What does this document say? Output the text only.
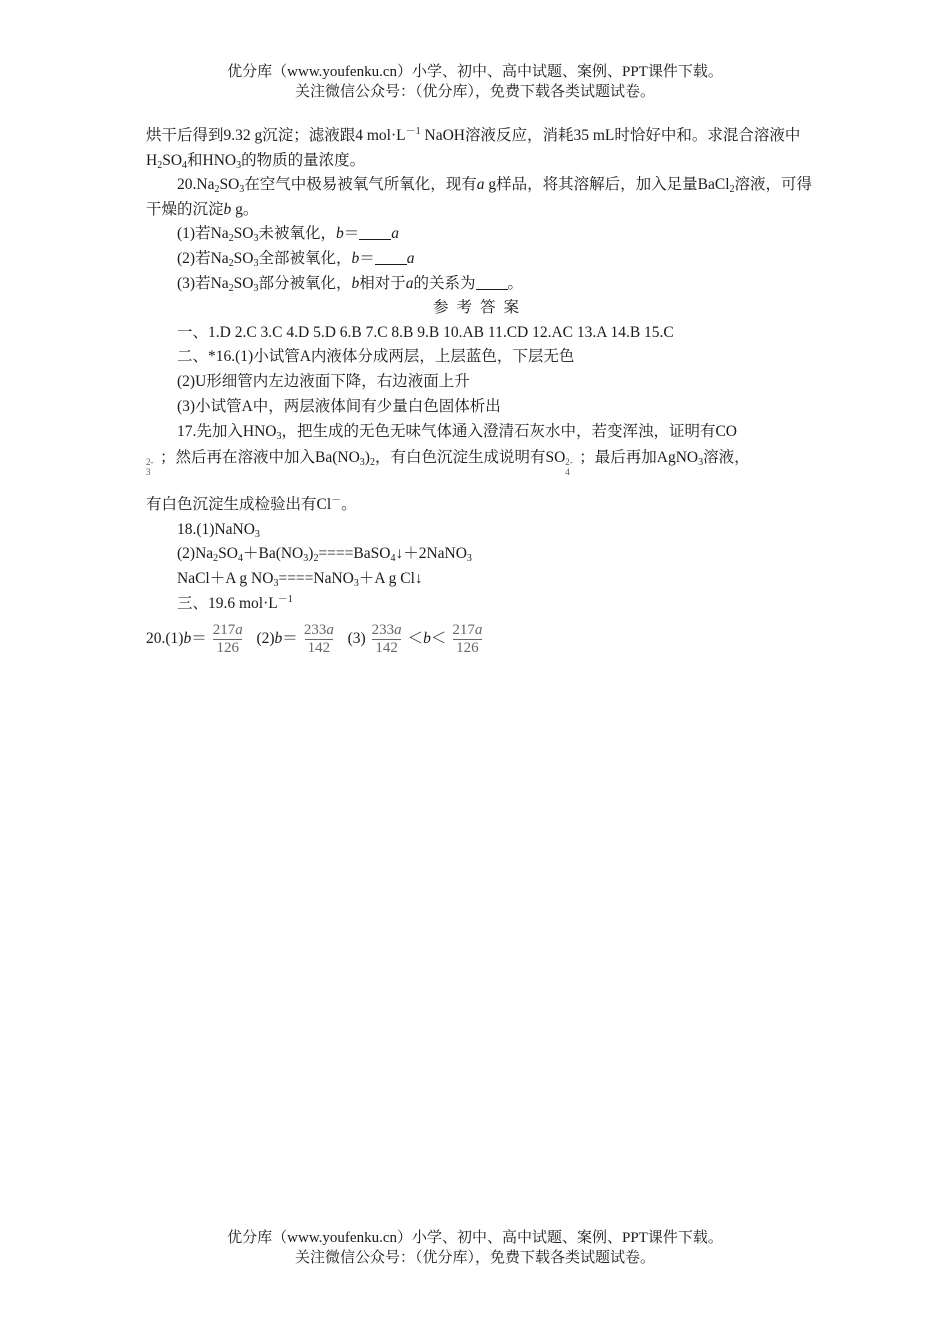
优分库（www.youfenku.cn）小学、初中、高中试题、案例、PPT课件下载。
关注微信公众号：（优分库），免费下载各类试题试卷。

烘干后得到9.32 g沉淀；滤液跟4 $mol\cdot L^{-1}$ NaOH溶液反应，消耗35 mL时恰好中和。求混合溶液中$H_2SO_4$和$HNO_3$的物质的量浓度。

$20.Na_2SO_3$在空气中极易被氧气所氧化，现有a g样品，将其溶解后，加入足量BaCl$_2$溶液，可得干燥的沉淀b g。

(1)若$Na_2SO_3$未被氧化，b＝ a

(2)若$Na_2SO_3$全部被氧化，b＝ a

(3)若$Na_2SO_3$部分被氧化，b相对于a的关系为 。

参考答案

一、1.D 2.C 3.C 4.D 5.D 6.B 7.C 8.B 9.B 10.AB 11.CD 12.AC 13.A 14.B 15.C

二、*16.(1)小试管A内液体分成两层，上层蓝色，下层无色

(2)U形细管内左边液面下降，右边液面上升

(3)小试管A中，两层液体间有少量白色固体析出

17.先加入$HNO_3$，把生成的无色无味气体通入澄清石灰水中，若变浑浊，证明有CO

2-
3
；然后再在溶液中加入$Ba(NO_3)_2$，有白色沉淀生成说明有SO 2-
4
；最后再加AgNO$_3$溶液，

有白色沉淀生成检验出有Cl－。

18.(1)NaNO$_3$

$(2)Na_2SO_4+Ba(NO_3)_2====BaSO_4↓+2NaNO_3$

NaCl＋A g $NO_3====NaNO_3+A$ g Cl↓

三、19.6 $mol\cdot L^{-1}$

$20.(1)b= \frac{217a}{126} (2)b= \frac{233a}{142} (3) \frac{233a}{142} <b< \frac{217a}{126}$

优分库（www.youfenku.cn）小学、初中、高中试题、案例、PPT课件下载。
关注微信公众号：（优分库），免费下载各类试题试卷。
